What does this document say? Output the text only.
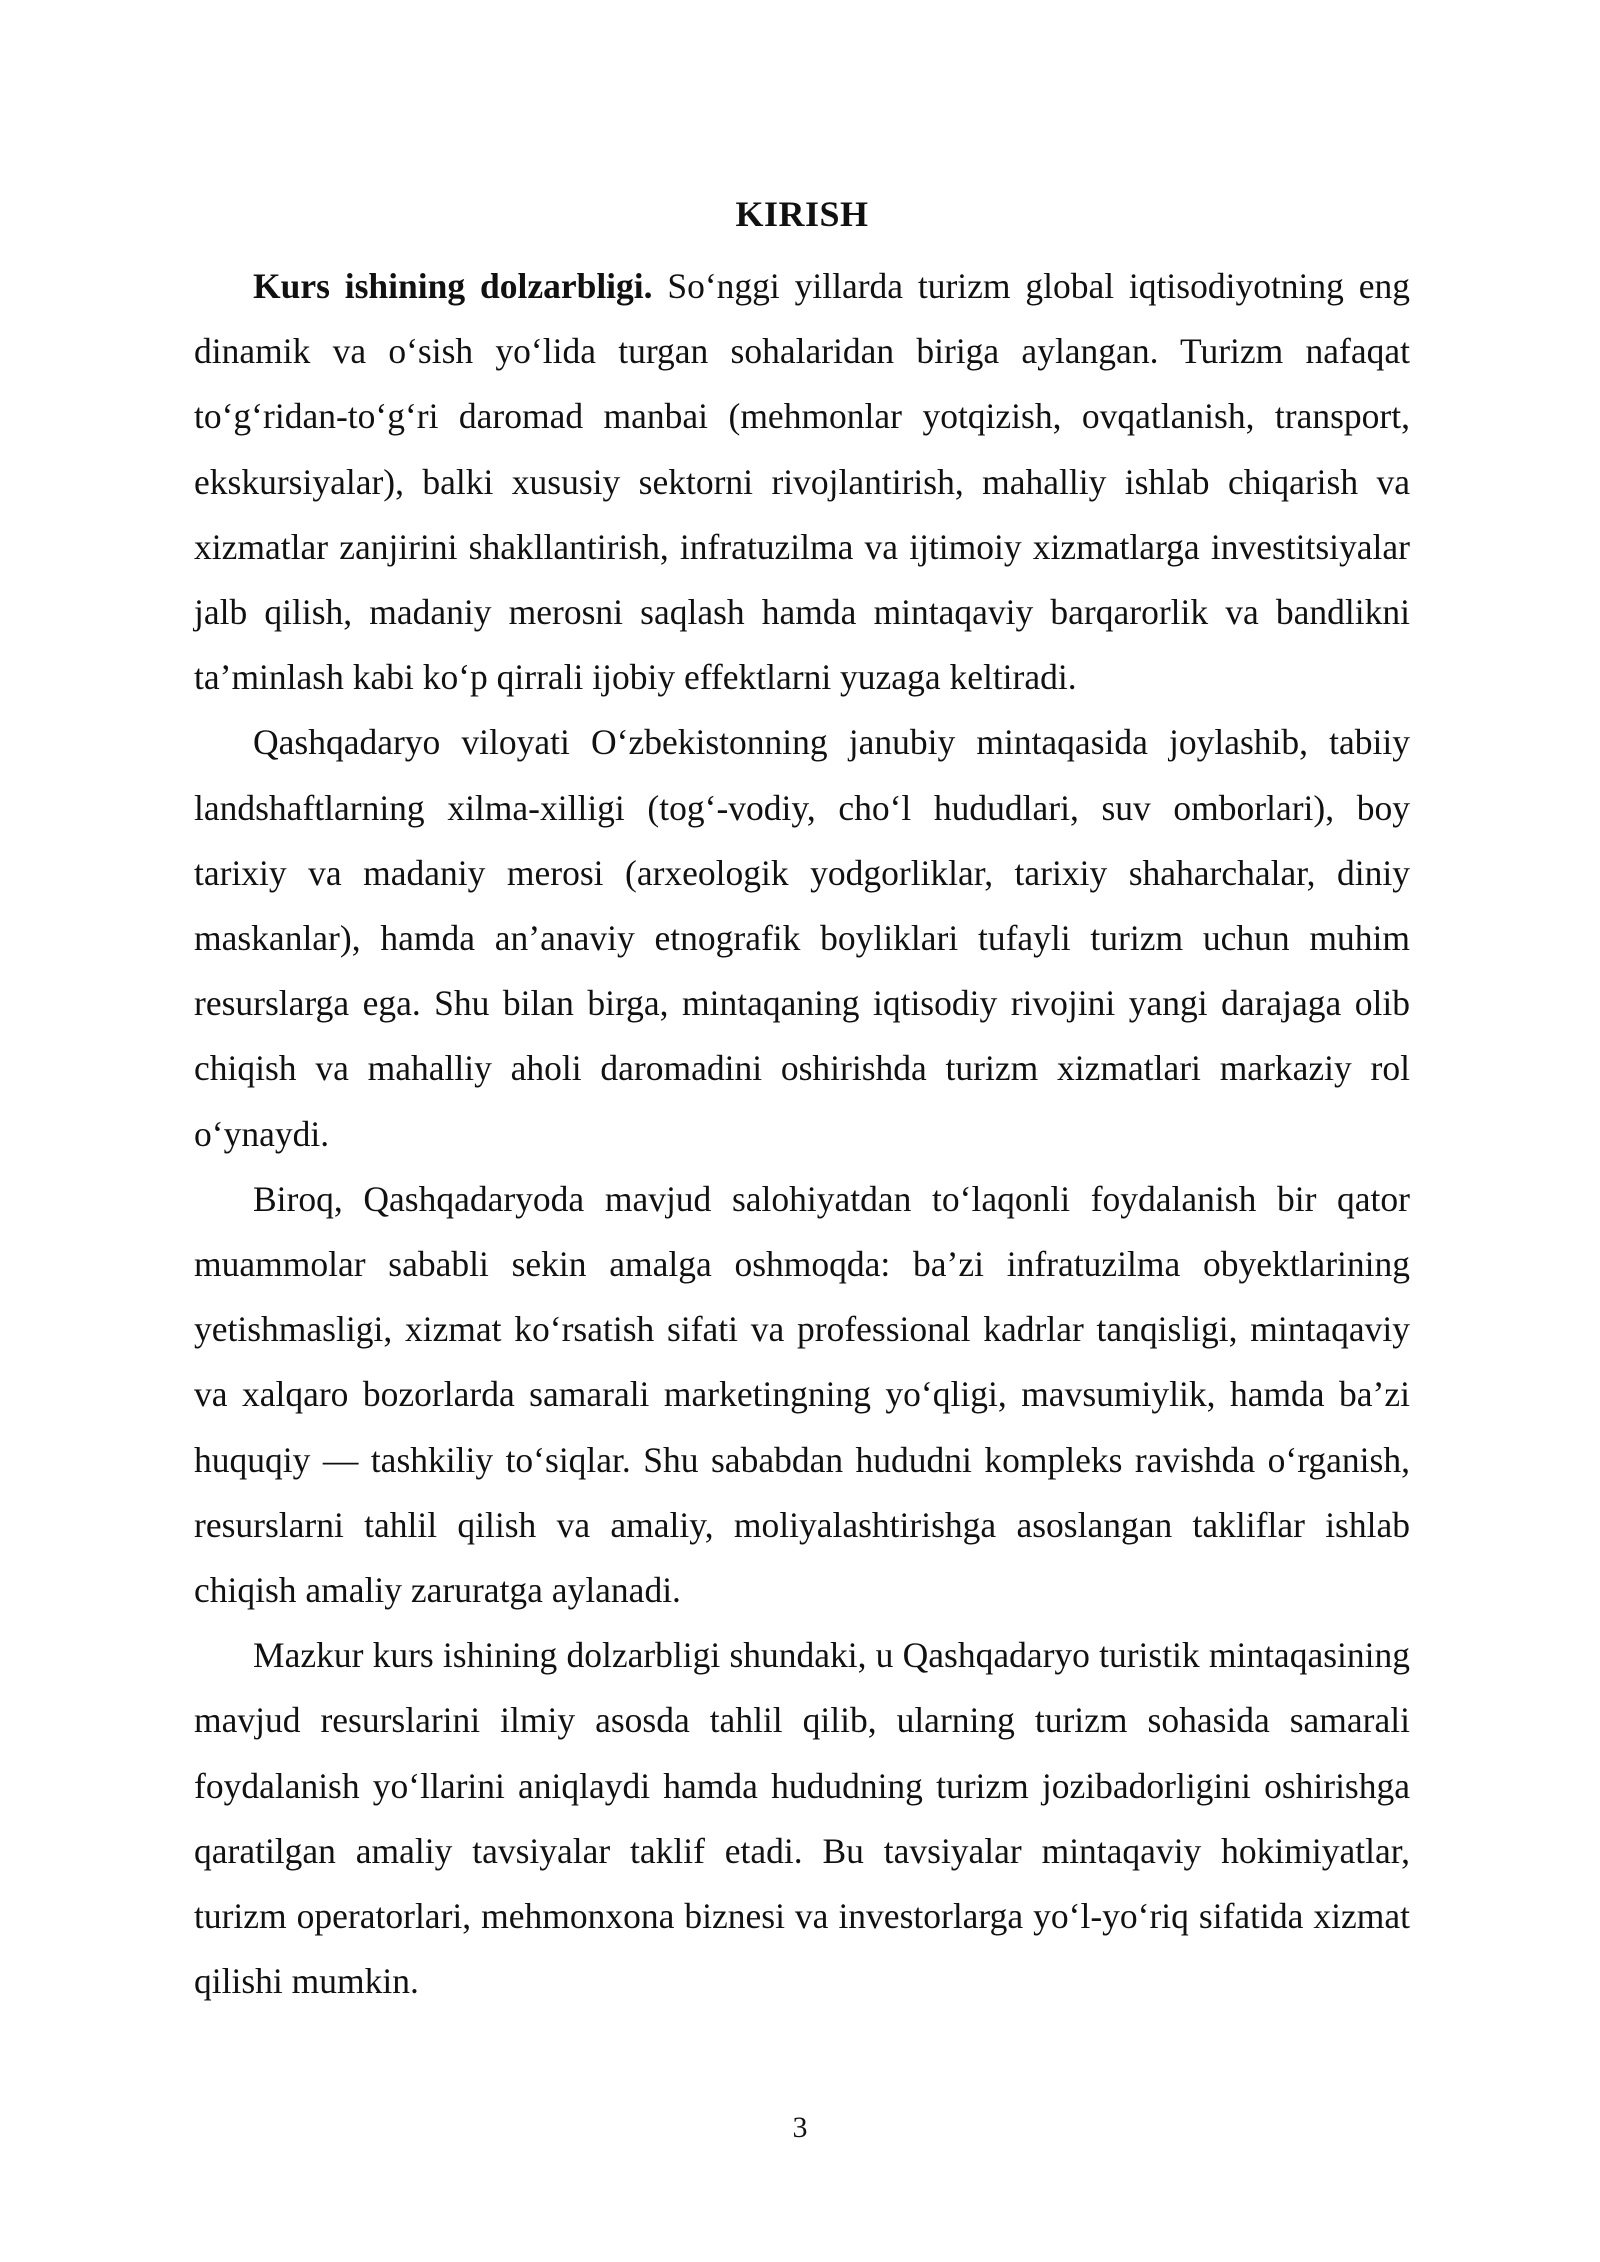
KIRISH

Kurs ishining dolzarbligi. So‘nggi yillarda turizm global iqtisodiyotning eng dinamik va o‘sish yo‘lida turgan sohalaridan biriga aylangan. Turizm nafaqat to‘g‘ridan-to‘g‘ri daromad manbai (mehmonlar yotqizish, ovqatlanish, transport, ekskursiyalar), balki xususiy sektorni rivojlantirish, mahalliy ishlab chiqarish va xizmatlar zanjirini shakllantirish, infratuzilma va ijtimoiy xizmatlarga investitsiyalar jalb qilish, madaniy merosni saqlash hamda mintaqaviy barqarorlik va bandlikni ta’minlash kabi ko‘p qirrali ijobiy effektlarni yuzaga keltiradi.

Qashqadaryo viloyati O‘zbekistonning janubiy mintaqasida joylashib, tabiiy landshaftlarning xilma-xilligi (tog‘-vodiy, cho‘l hududlari, suv omborlari), boy tarixiy va madaniy merosi (arxeologik yodgorliklar, tarixiy shaharchalar, diniy maskanlar), hamda an’anaviy etnografik boyliklari tufayli turizm uchun muhim resurslarga ega. Shu bilan birga, mintaqaning iqtisodiy rivojini yangi darajaga olib chiqish va mahalliy aholi daromadini oshirishda turizm xizmatlari markaziy rol o‘ynaydi.

Biroq, Qashqadaryoda mavjud salohiyatdan to‘laqonli foydalanish bir qator muammolar sababli sekin amalga oshmoqda: ba’zi infratuzilma obyektlarining yetishmasligi, xizmat ko‘rsatish sifati va professional kadrlar tanqisligi, mintaqaviy va xalqaro bozorlarda samarali marketingning yo‘qligi, mavsumiylik, hamda ba’zi huquqiy — tashkiliy to‘siqlar. Shu sababdan hududni kompleks ravishda o‘rganish, resurslarni tahlil qilish va amaliy, moliyalashtirishga asoslangan takliflar ishlab chiqish amaliy zaruratga aylanadi.

Mazkur kurs ishining dolzarbligi shundaki, u Qashqadaryo turistik mintaqasining mavjud resurslarini ilmiy asosda tahlil qilib, ularning turizm sohasida samarali foydalanish yo‘llarini aniqlaydi hamda hududning turizm jozibadorligini oshirishga qaratilgan amaliy tavsiyalar taklif etadi. Bu tavsiyalar mintaqaviy hokimiyatlar, turizm operatorlari, mehmonxona biznesi va investorlarga yo‘l-yo‘riq sifatida xizmat qilishi mumkin.

3
